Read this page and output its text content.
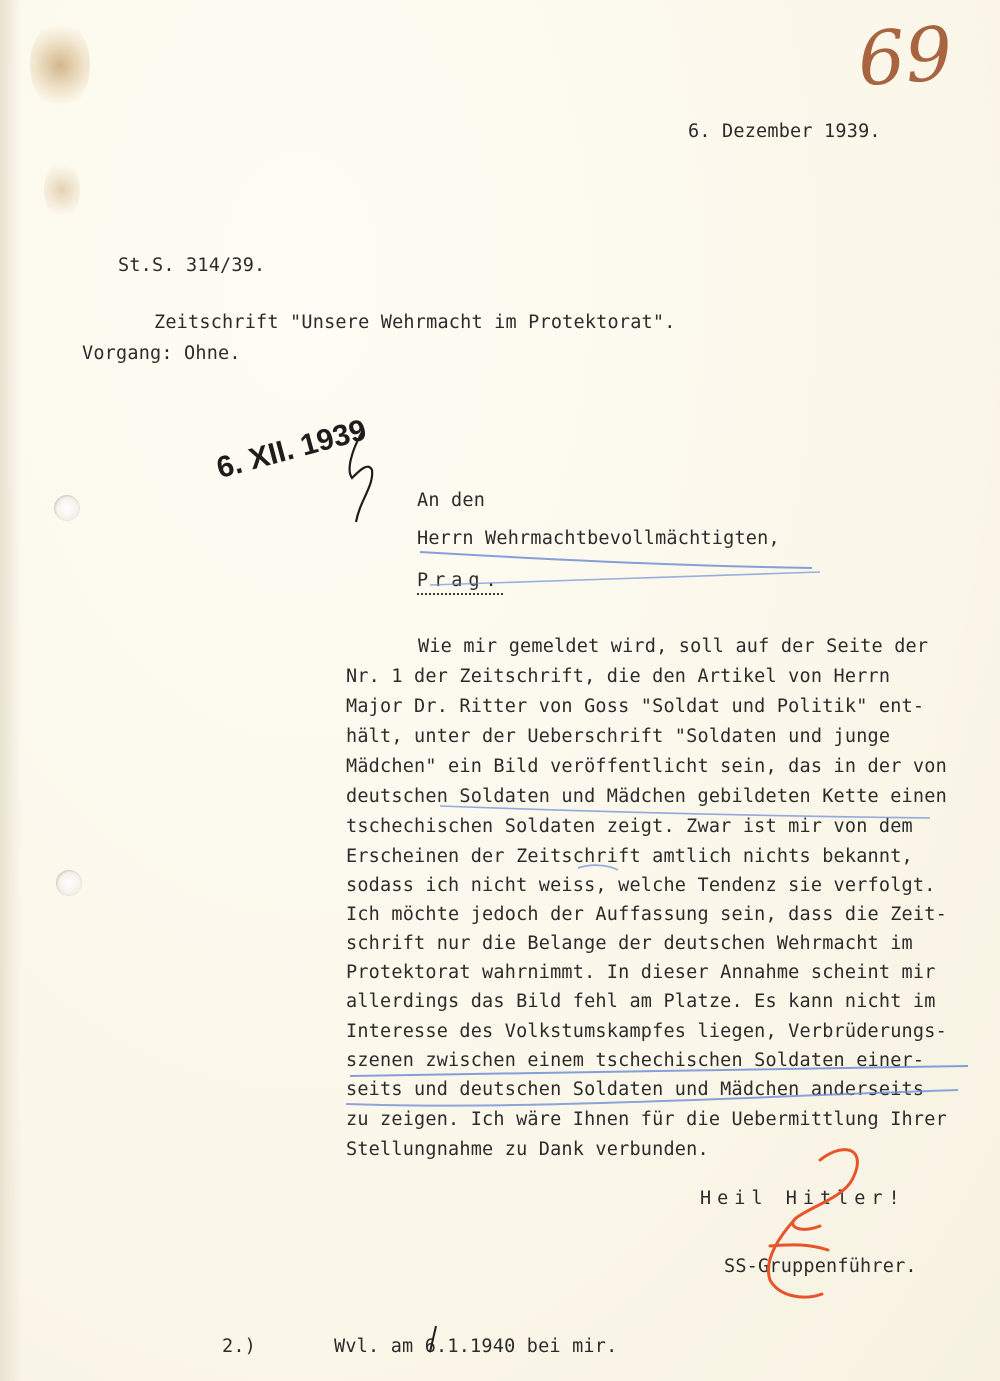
69
6. Dezember 1939.
St.S. 314/39.
Zeitschrift "Unsere Wehrmacht im Protektorat".
Vorgang: Ohne.
6. XII. 1939
An den
Herrn Wehrmachtbevollmächtigten,
Prag.
Wie mir gemeldet wird, soll auf der Seite der
Nr. 1 der Zeitschrift, die den Artikel von Herrn
Major Dr. Ritter von Goss "Soldat und Politik" ent-
hält, unter der Ueberschrift "Soldaten und junge
Mädchen" ein Bild veröffentlicht sein, das in der von
deutschen Soldaten und Mädchen gebildeten Kette einen
tschechischen Soldaten zeigt. Zwar ist mir von dem
Erscheinen der Zeitschrift amtlich nichts bekannt,
sodass ich nicht weiss, welche Tendenz sie verfolgt.
Ich möchte jedoch der Auffassung sein, dass die Zeit-
schrift nur die Belange der deutschen Wehrmacht im
Protektorat wahrnimmt. In dieser Annahme scheint mir
allerdings das Bild fehl am Platze. Es kann nicht im
Interesse des Volkstumskampfes liegen, Verbrüderungs-
szenen zwischen einem tschechischen Soldaten einer-
seits und deutschen Soldaten und Mädchen anderseits
zu zeigen. Ich wäre Ihnen für die Uebermittlung Ihrer
Stellungnahme zu Dank verbunden.
Heil Hitler!
SS-Gruppenführer.
2.)	Wvl. am 6.1.1940 bei mir.
